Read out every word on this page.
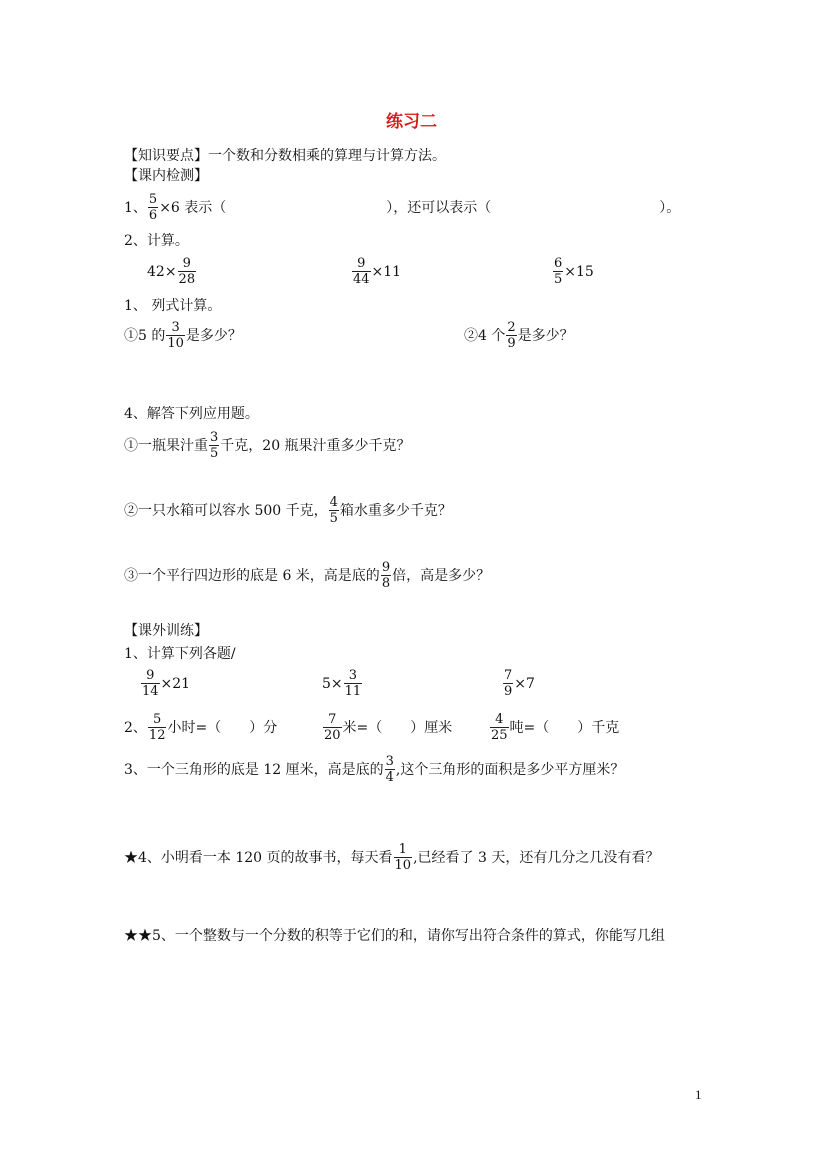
练习二
【知识要点】一个数和分数相乘的算理与计算方法。
【课内检测】
1、 $\frac{5}{6} \times 6$ 表示（	），还可以表示（	）。
2、计算。
$42\times \frac{9}{28}$	$\frac{9}{44} \times 11$	$\frac{6}{5} \times 15$
1、 列式计算。
①5 的 $\frac{3}{10}$ 是多少？	②4 个 $\frac{2}{9}$ 是多少？
4、解答下列应用题。
①一瓶果汁重 $\frac{3}{5}$ 千克，20 瓶果汁重多少千克？
②一只水箱可以容水 500 千克， $\frac{4}{5}$ 箱水重多少千克？
③一个平行四边形的底是 6 米，高是底的 $\frac{9}{8}$ 倍，高是多少？
【课外训练】
1、计算下列各题/
$\frac{9}{14} \times 21$	$5\times \frac{3}{11}$	$\frac{7}{9} \times 7$
2、 $\frac{5}{12}$ 小时=（　　）分	$\frac{7}{20}$ 米=（　　）厘米	$\frac{4}{25}$ 吨=（　　）千克
3、一个三角形的底是 12 厘米，高是底的 $\frac{3}{4}$ ,这个三角形的面积是多少平方厘米？
★4、小明看一本 120 页的故事书，每天看 $\frac{1}{10}$ ,已经看了 3 天，还有几分之几没有看？
★★5、一个整数与一个分数的积等于它们的和，请你写出符合条件的算式，你能写几组
1
